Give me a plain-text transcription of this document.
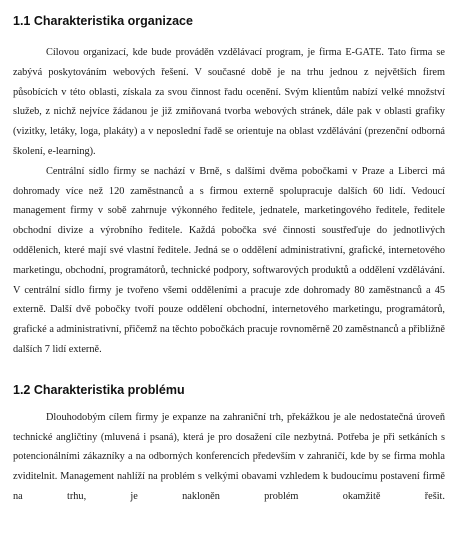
1.1 Charakteristika organizace

Cílovou organizací, kde bude prováděn vzdělávací program, je firma E-GATE. Tato firma se zabývá poskytováním webových řešení. V současné době je na trhu jednou z největších firem působících v této oblasti, získala za svou činnost řadu ocenění. Svým klientům nabízí velké množství služeb, z nichž nejvíce žádanou je již zmiňovaná tvorba webových stránek, dále pak v oblasti grafiky (vizitky, letáky, loga, plakáty) a v neposlední řadě se orientuje na oblast vzdělávání (prezenční odborná školení, e-learning).

Centrální sídlo firmy se nachází v Brně, s dalšími dvěma pobočkami v Praze a Liberci má dohromady více než 120 zaměstnanců a s firmou externě spolupracuje dalších 60 lidí. Vedoucí management firmy v sobě zahrnuje výkonného ředitele, jednatele, marketingového ředitele, ředitele obchodní divize a výrobního ředitele. Každá pobočka své činnosti soustřeďuje do jednotlivých oddělenich, které mají své vlastní ředitele. Jedná se o oddělení administrativní, grafické, internetového marketingu, obchodní, programátorů, technické podpory, softwarových produktů a oddělení vzdělávání. V centrální sídlo firmy je tvořeno všemi odděleními a pracuje zde dohromady 80 zaměstnanců a 45 externě. Další dvě pobočky tvoří pouze oddělení obchodní, internetového marketingu, programátorů, grafické a administrativní, přičemž na těchto pobočkách pracuje rovnoměrně 20 zaměstnanců a přibližně dalších 7 lidí externě.

1.2 Charakteristika problému

Dlouhodobým cílem firmy je expanze na zahraniční trh, překážkou je ale nedostatečná úroveň technické angličtiny (mluvená i psaná), která je pro dosažení cíle nezbytná. Potřeba je při setkáních s potencionálními zákazníky a na odborných konferencích především v zahraničí, kde by se firma mohla zviditelnit. Management nahlíží na problém s velkými obavami vzhledem k budoucímu postavení firmě na trhu, je nakloněn problém okamžitě řešit.
